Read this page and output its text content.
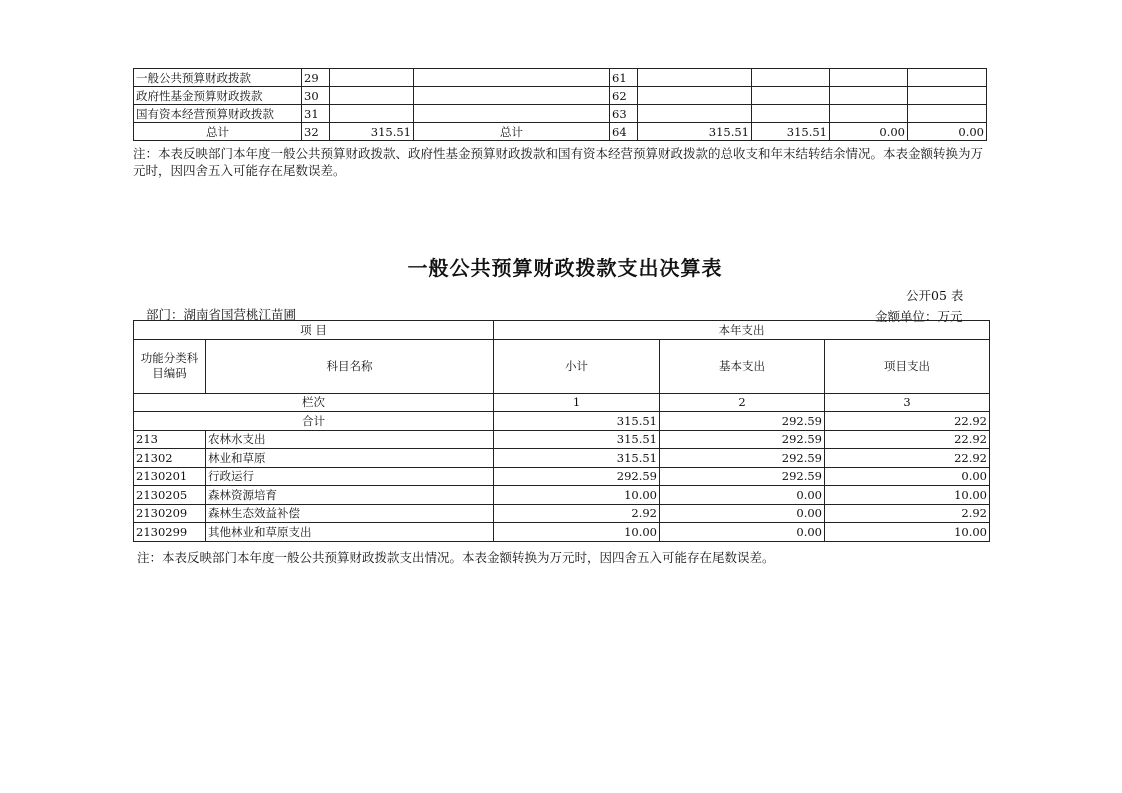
一般公共预算财政拨款	29			61				
政府性基金预算财政拨款	30			62				
国有资本经营预算财政拨款	31			63				
总计	32	315.51	总计	64	315.51	315.51	0.00	0.00
注：本表反映部门本年度一般公共预算财政拨款、政府性基金预算财政拨款和国有资本经营预算财政拨款的总收支和年末结转结余情况。本表金额转换为万元时，因四舍五入可能存在尾数误差。
一般公共预算财政拨款支出决算表
公开05 表
部门：湖南省国营桃江苗圃	金额单位：万元
项 目		本年支出		
功能分类科目编码	科目名称	小计	基本支出	项目支出
栏次		1	2	3
合计		315.51	292.59	22.92
213	农林水支出	315.51	292.59	22.92
21302	林业和草原	315.51	292.59	22.92
2130201	行政运行	292.59	292.59	0.00
2130205	森林资源培育	10.00	0.00	10.00
2130209	森林生态效益补偿	2.92	0.00	2.92
2130299	其他林业和草原支出	10.00	0.00	10.00
注：本表反映部门本年度一般公共预算财政拨款支出情况。本表金额转换为万元时，因四舍五入可能存在尾数误差。
